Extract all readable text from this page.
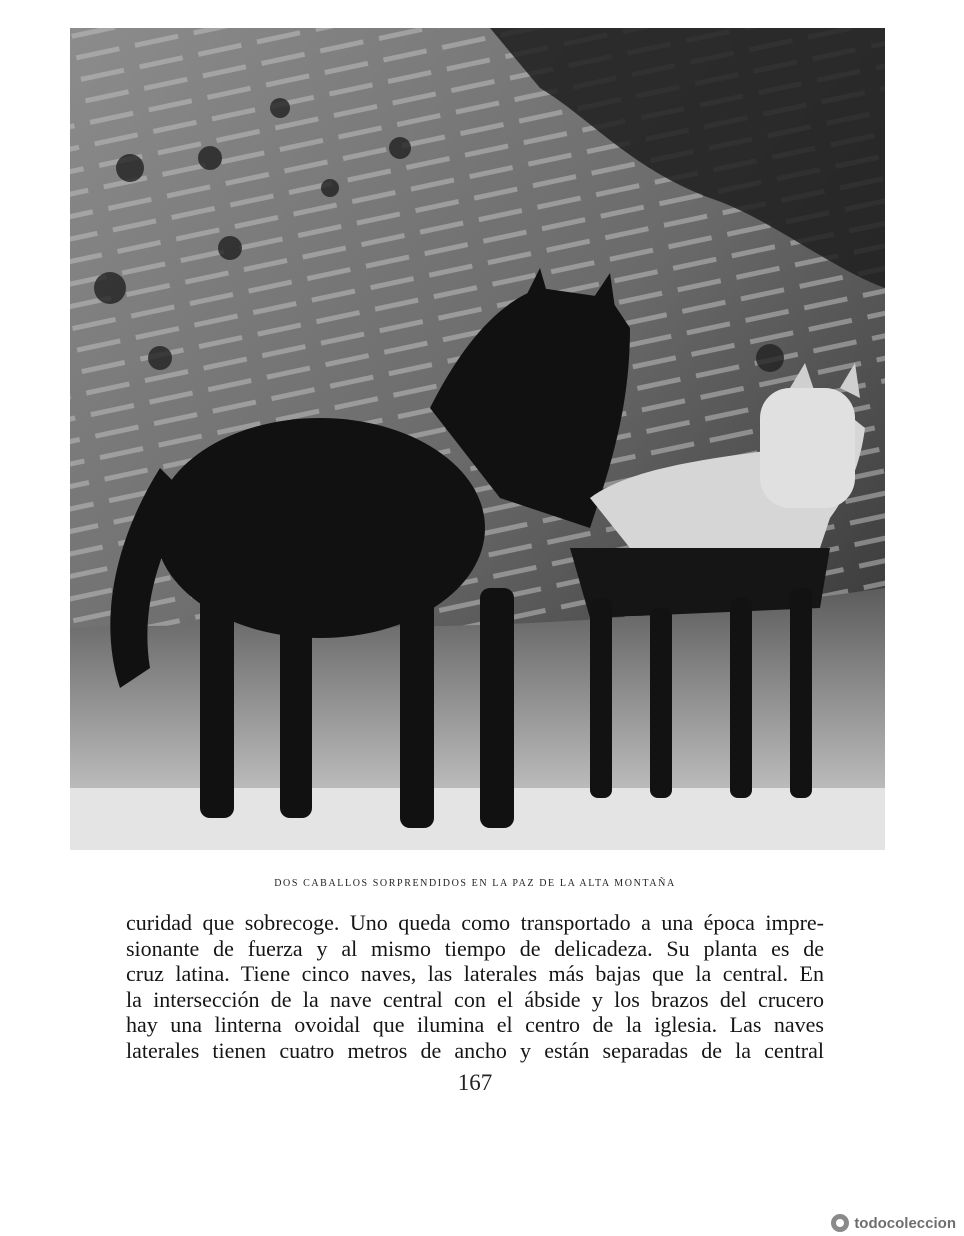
DOS CABALLOS SORPRENDIDOS EN LA PAZ DE LA ALTA MONTAÑA
curidad que sobrecoge. Uno queda como transportado a una época impre-
sionante de fuerza y al mismo tiempo de delicadeza. Su planta es de
cruz latina. Tiene cinco naves, las laterales más bajas que la central. En
la intersección de la nave central con el ábside y los brazos del crucero
hay una linterna ovoidal que ilumina el centro de la iglesia. Las naves
laterales tienen cuatro metros de ancho y están separadas de la central
167
todocoleccion
